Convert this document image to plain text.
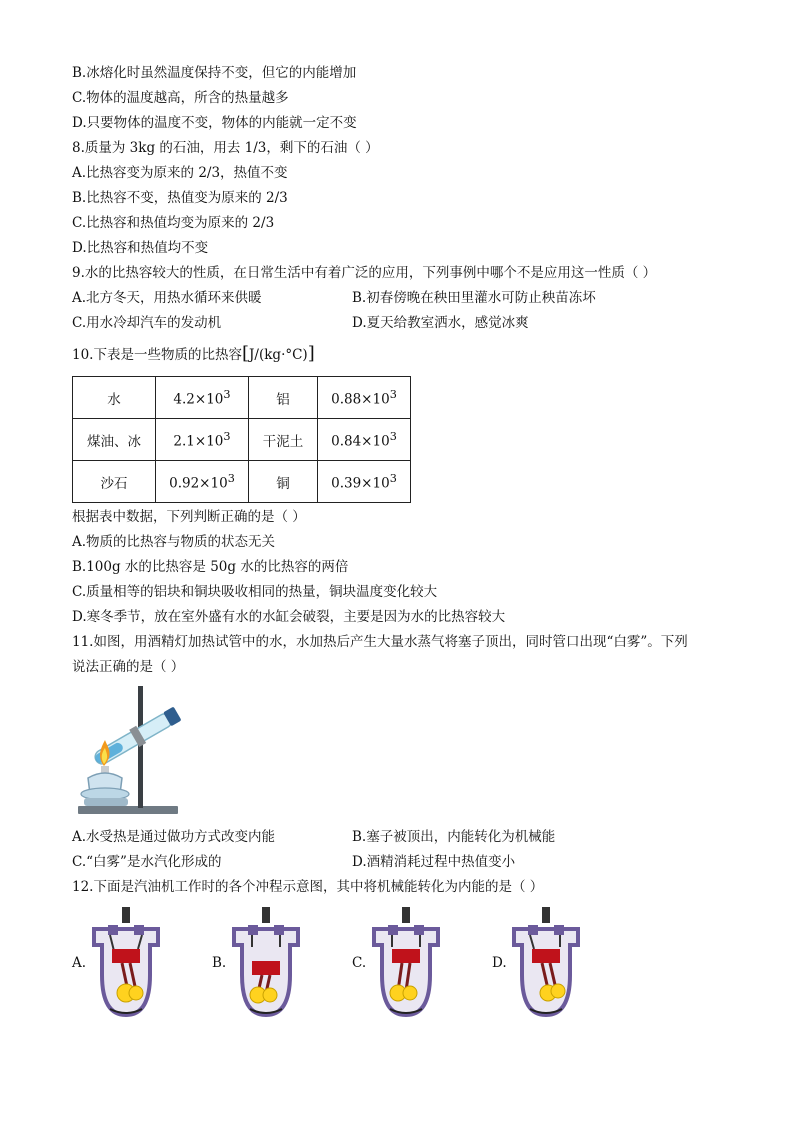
B.冰熔化时虽然温度保持不变，但它的内能增加
C.物体的温度越高，所含的热量越多
D.只要物体的温度不变，物体的内能就一定不变
8.质量为 3kg 的石油，用去 1/3，剩下的石油（ ）
A.比热容变为原来的 2/3，热值不变
B.比热容不变，热值变为原来的 2/3
C.比热容和热值均变为原来的 2/3
D.比热容和热值均不变
9.水的比热容较大的性质，在日常生活中有着广泛的应用，下列事例中哪个不是应用这一性质（ ）
A.北方冬天，用热水循环来供暖	B.初春傍晚在秧田里灌水可防止秧苗冻坏
C.用水冷却汽车的发动机	D.夏天给教室洒水，感觉冰爽
10.下表是一些物质的比热容[J/(kg·°C)]
水	$4.2\times 10^3$	铝	$0.88\times 10^3$
煤油、冰	$2.1\times 10^3$	干泥土	$0.84\times 10^3$
沙石	$0.92\times 10^3$	铜	$0.39\times 10^3$
根据表中数据，下列判断正确的是（ ）
A.物质的比热容与物质的状态无关
B.100g 水的比热容是 50g 水的比热容的两倍
C.质量相等的铝块和铜块吸收相同的热量，铜块温度变化较大
D.寒冬季节，放在室外盛有水的水缸会破裂，主要是因为水的比热容较大
11.如图，用酒精灯加热试管中的水，水加热后产生大量水蒸气将塞子顶出，同时管口出现“白雾”。下列
说法正确的是（ ）
A.水受热是通过做功方式改变内能	B.塞子被顶出，内能转化为机械能
C.“白雾”是水汽化形成的	D.酒精消耗过程中热值变小
12.下面是汽油机工作时的各个冲程示意图，其中将机械能转化为内能的是（ ）
A.	B.	C.	D.
